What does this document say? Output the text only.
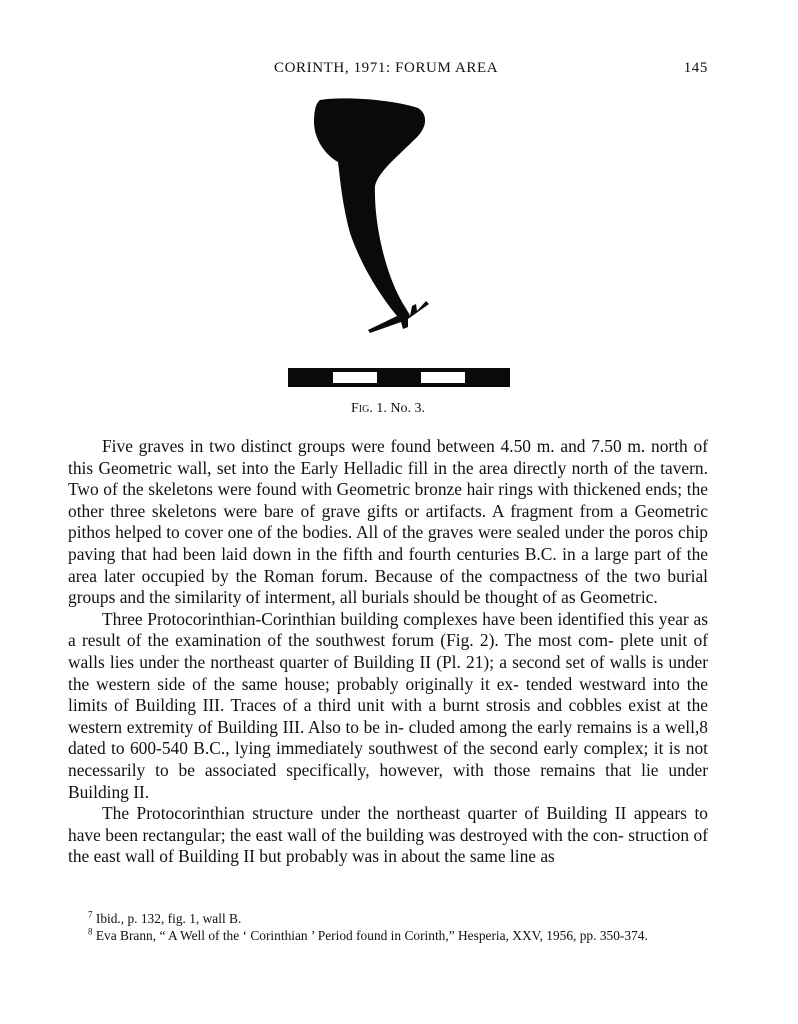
CORINTH, 1971: FORUM AREA	145
Fig. 1. No. 3.

Five graves in two distinct groups were found between 4.50 m. and 7.50 m. north of this Geometric wall, set into the Early Helladic fill in the area directly north of the tavern. Two of the skeletons were found with Geometric bronze hair rings with thickened ends; the other three skeletons were bare of grave gifts or artifacts. A fragment from a Geometric pithos helped to cover one of the bodies. All of the graves were sealed under the poros chip paving that had been laid down in the fifth and fourth centuries B.C. in a large part of the area later occupied by the Roman forum. Because of the compactness of the two burial groups and the similarity of interment, all burials should be thought of as Geometric.

Three Protocorinthian-Corinthian building complexes have been identified this year as a result of the examination of the southwest forum (Fig. 2). The most com- plete unit of walls lies under the northeast quarter of Building II (Pl. 21); a second set of walls is under the western side of the same house; probably originally it ex- tended westward into the limits of Building III. Traces of a third unit with a burnt strosis and cobbles exist at the western extremity of Building III. Also to be in- cluded among the early remains is a well,8 dated to 600-540 B.C., lying immediately southwest of the second early complex; it is not necessarily to be associated specifically, however, with those remains that lie under Building II.

The Protocorinthian structure under the northeast quarter of Building II appears to have been rectangular; the east wall of the building was destroyed with the con- struction of the east wall of Building II but probably was in about the same line as

$^7$ Ibid., p. 132, fig. 1, wall B.

$^8$ Eva Brann, “ A Well of the ‘ Corinthian ’ Period found in Corinth,” Hesperia, XXV, 1956, pp. 350-374.
